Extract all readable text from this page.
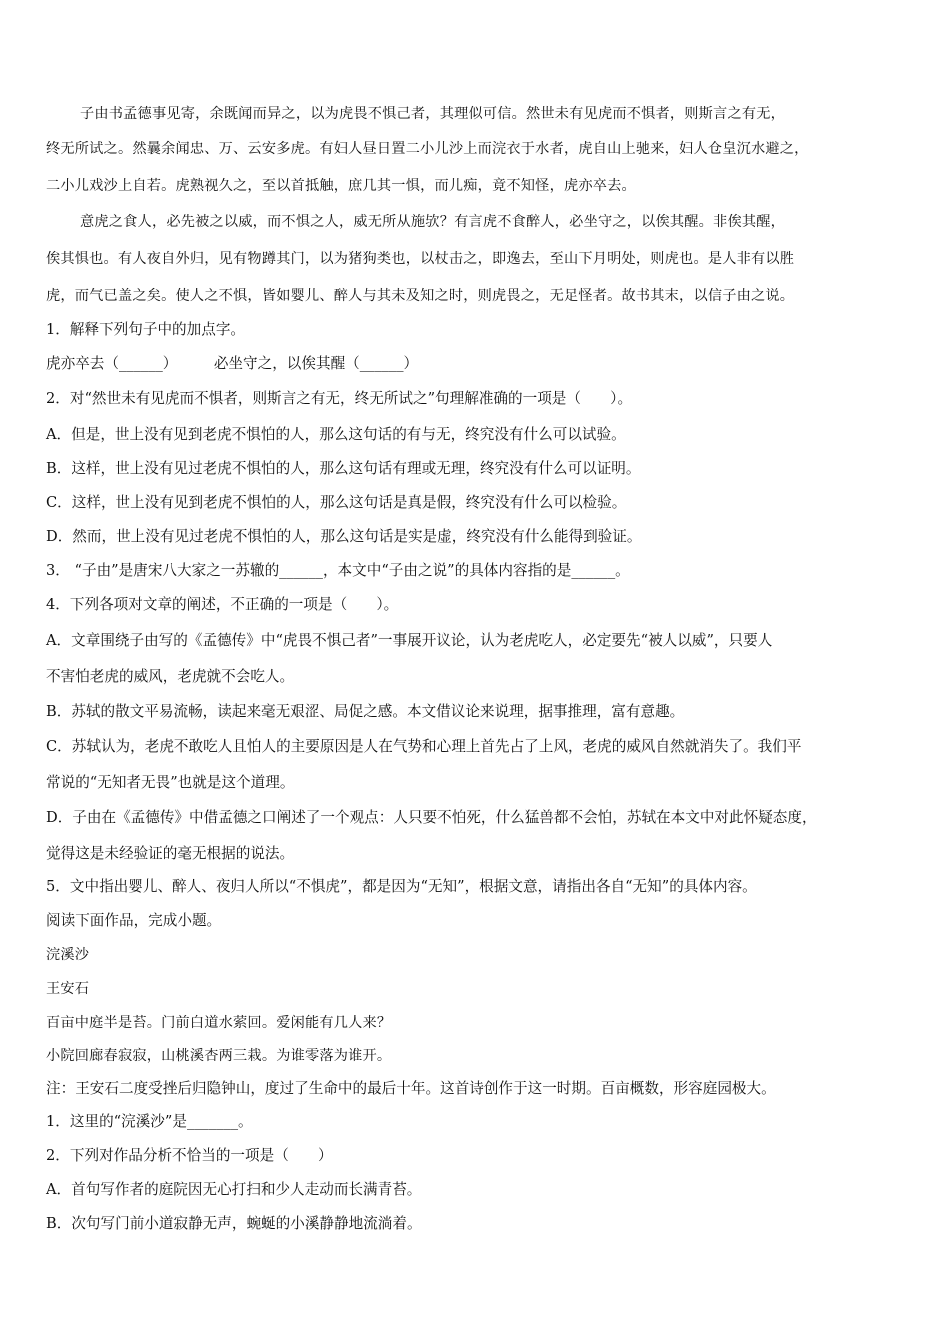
子由书孟德事见寄，余既闻而异之，以为虎畏不惧己者，其理似可信。然世未有见虎而不惧者，则斯言之有无，
终无所试之。然曩余闻忠、万、云安多虎。有妇人昼日置二小儿沙上而浣衣于水者，虎自山上驰来，妇人仓皇沉水避之，
二小儿戏沙上自若。虎熟视久之，至以首抵触，庶几其一惧，而儿痴，竟不知怪，虎亦卒去。
意虎之食人，必先被之以威，而不惧之人，威无所从施欤？有言虎不食醉人，必坐守之，以俟其醒。非俟其醒，
俟其惧也。有人夜自外归，见有物蹲其门，以为猪狗类也，以杖击之，即逸去，至山下月明处，则虎也。是人非有以胜
虎，而气已盖之矣。使人之不惧，皆如婴儿、醉人与其未及知之时，则虎畏之，无足怪者。故书其末，以信子由之说。
1．解释下列句子中的加点字。
虎亦卒去（______）　　　必坐守之，以俟其醒（______）
2．对“然世未有见虎而不惧者，则斯言之有无，终无所试之”句理解准确的一项是（　　）。
A．但是，世上没有见到老虎不惧怕的人，那么这句话的有与无，终究没有什么可以试验。
B．这样，世上没有见过老虎不惧怕的人，那么这句话有理或无理，终究没有什么可以证明。
C．这样，世上没有见到老虎不惧怕的人，那么这句话是真是假，终究没有什么可以检验。
D．然而，世上没有见过老虎不惧怕的人，那么这句话是实是虚，终究没有什么能得到验证。
3． “子由”是唐宋八大家之一苏辙的______，本文中“子由之说”的具体内容指的是______。
4．下列各项对文章的阐述，不正确的一项是（　　）。
A．文章围绕子由写的《孟德传》中“虎畏不惧己者”一事展开议论，认为老虎吃人，必定要先“被人以威”，只要人
不害怕老虎的威风，老虎就不会吃人。
B．苏轼的散文平易流畅，读起来毫无艰涩、局促之感。本文借议论来说理，据事推理，富有意趣。
C．苏轼认为，老虎不敢吃人且怕人的主要原因是人在气势和心理上首先占了上风，老虎的威风自然就消失了。我们平
常说的“无知者无畏”也就是这个道理。
D．子由在《孟德传》中借孟德之口阐述了一个观点：人只要不怕死，什么猛兽都不会怕，苏轼在本文中对此怀疑态度，
觉得这是未经验证的毫无根据的说法。
5．文中指出婴儿、醉人、夜归人所以“不惧虎”，都是因为“无知”，根据文意，请指出各自“无知”的具体内容。
阅读下面作品，完成小题。
浣溪沙
王安石
百亩中庭半是苔。门前白道水萦回。爱闲能有几人来？
小院回廊春寂寂，山桃溪杏两三栽。为谁零落为谁开。
注：王安石二度受挫后归隐钟山，度过了生命中的最后十年。这首诗创作于这一时期。百亩概数，形容庭园极大。
1．这里的“浣溪沙”是_______。
2．下列对作品分析不恰当的一项是（　　）
A．首句写作者的庭院因无心打扫和少人走动而长满青苔。
B．次句写门前小道寂静无声，蜿蜒的小溪静静地流淌着。
